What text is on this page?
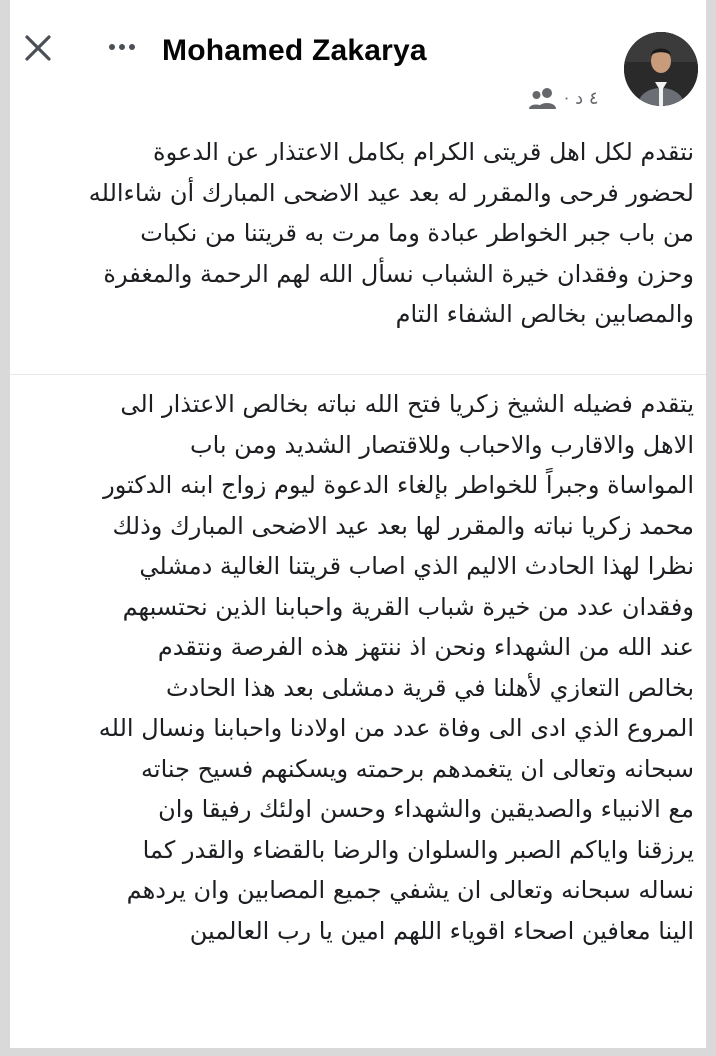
Mohamed Zakarya
· ٤ د
نتقدم لكل اهل قريتى الكرام بكامل الاعتذار عن الدعوة
لحضور فرحى والمقرر له بعد عيد الاضحى المبارك أن شاءالله
من باب جبر الخواطر عبادة وما مرت به قريتنا من نكبات
وحزن وفقدان خيرة الشباب نسأل الله لهم الرحمة والمغفرة
والمصابين بخالص الشفاء التام
يتقدم فضيله الشيخ زكريا فتح الله نباته بخالص الاعتذار الى
الاهل والاقارب والاحباب وللاقتصار الشديد ومن باب
المواساة وجبراً للخواطر بإلغاء الدعوة ليوم زواج ابنه الدكتور
محمد زكريا نباته والمقرر لها بعد عيد الاضحى المبارك وذلك
نظرا لهذا الحادث الاليم الذي اصاب قريتنا الغالية دمشلي
وفقدان عدد من خيرة شباب القرية واحبابنا الذين نحتسبهم
عند الله من الشهداء ونحن اذ ننتهز هذه الفرصة ونتقدم
بخالص التعازي لأهلنا في قرية دمشلى بعد هذا الحادث
المروع الذي ادى الى وفاة عدد من اولادنا واحبابنا ونسال الله
سبحانه وتعالى ان يتغمدهم برحمته ويسكنهم فسيح جناته
مع الانبياء والصديقين والشهداء وحسن اولئك رفيقا وان
يرزقنا واياكم الصبر والسلوان والرضا بالقضاء والقدر كما
نساله سبحانه وتعالى ان يشفي جميع المصابين وان يردهم
الينا معافين اصحاء اقوياء اللهم امين يا رب العالمين
